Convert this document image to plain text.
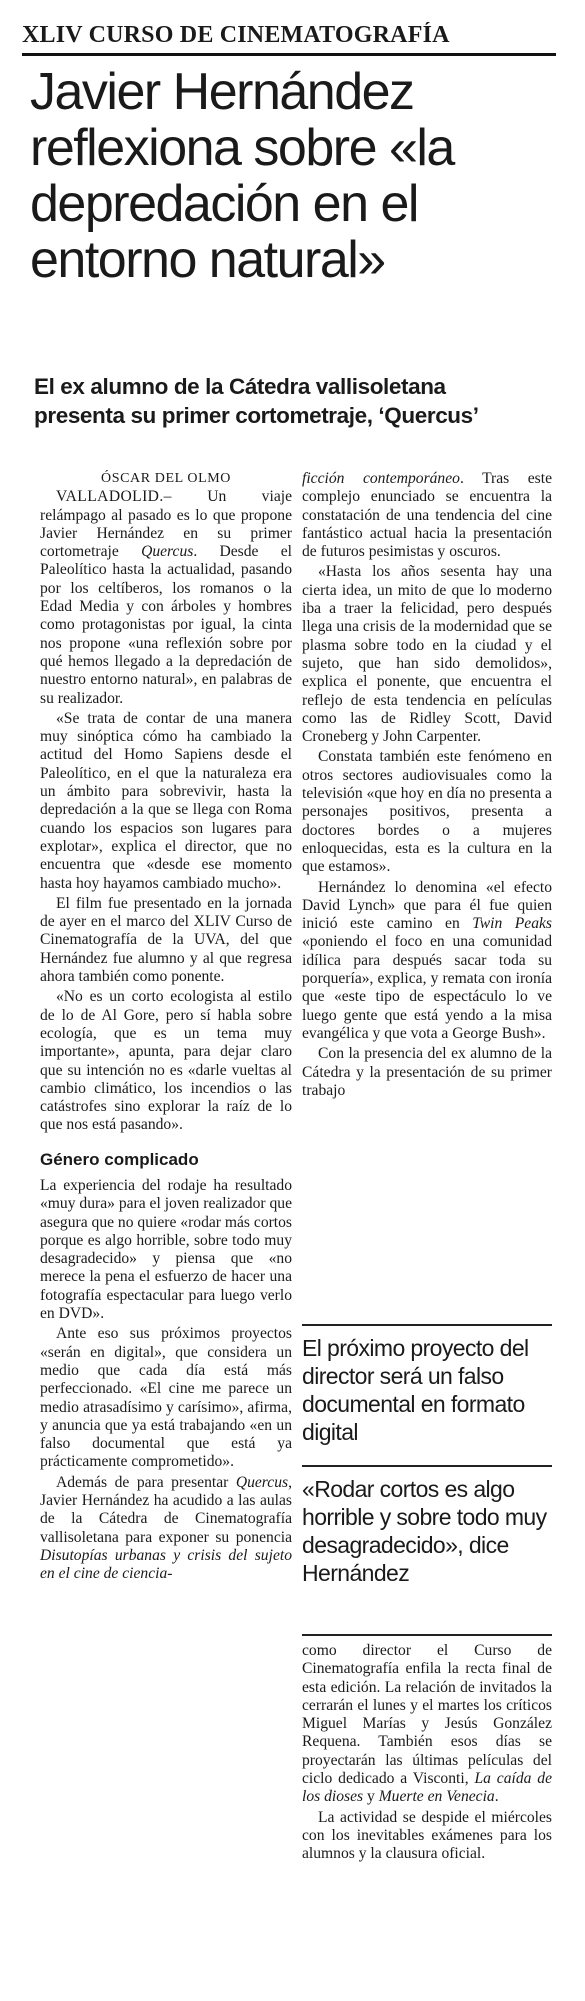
XLIV CURSO DE CINEMATOGRAFÍA
Javier Hernández
reflexiona sobre «la
depredación en el
entorno natural»
El ex alumno de la Cátedra vallisoletana
presenta su primer cortometraje, ‘Quercus’

ÓSCAR DEL OLMO

VALLADOLID.– Un viaje relámpago al pasado es lo que propone Javier Hernández en su primer cortometraje Quercus. Desde el Paleolítico hasta la actualidad, pasando por los celtíberos, los romanos o la Edad Media y con árboles y hombres como protagonistas por igual, la cinta nos propone «una reflexión sobre por qué hemos llegado a la depredación de nuestro entorno natural», en palabras de su realizador.

«Se trata de contar de una manera muy sinóptica cómo ha cambiado la actitud del Homo Sapiens desde el Paleolítico, en el que la naturaleza era un ámbito para sobrevivir, hasta la depredación a la que se llega con Roma cuando los espacios son lugares para explotar», explica el director, que no encuentra que «desde ese momento hasta hoy hayamos cambiado mucho».

El film fue presentado en la jornada de ayer en el marco del XLIV Curso de Cinematografía de la UVA, del que Hernández fue alumno y al que regresa ahora también como ponente.

«No es un corto ecologista al estilo de lo de Al Gore, pero sí habla sobre ecología, que es un tema muy importante», apunta, para dejar claro que su intención no es «darle vueltas al cambio climático, los incendios o las catástrofes sino explorar la raíz de lo que nos está pasando».

Género complicado

La experiencia del rodaje ha resultado «muy dura» para el joven realizador que asegura que no quiere «rodar más cortos porque es algo horrible, sobre todo muy desagradecido» y piensa que «no merece la pena el esfuerzo de hacer una fotografía espectacular para luego verlo en DVD».

Ante eso sus próximos proyectos «serán en digital», que considera un medio que cada día está más perfeccionado. «El cine me parece un medio atrasadísimo y carísimo», afirma, y anuncia que ya está trabajando «en un falso documental que está ya prácticamente comprometido».

Además de para presentar Quercus, Javier Hernández ha acudido a las aulas de la Cátedra de Cinematografía vallisoletana para exponer su ponencia Disutopías urbanas y crisis del sujeto en el cine de ciencia-

ficción contemporáneo. Tras este complejo enunciado se encuentra la constatación de una tendencia del cine fantástico actual hacia la presentación de futuros pesimistas y oscuros.

«Hasta los años sesenta hay una cierta idea, un mito de que lo moderno iba a traer la felicidad, pero después llega una crisis de la modernidad que se plasma sobre todo en la ciudad y el sujeto, que han sido demolidos», explica el ponente, que encuentra el reflejo de esta tendencia en películas como las de Ridley Scott, David Croneberg y John Carpenter.

Constata también este fenómeno en otros sectores audiovisuales como la televisión «que hoy en día no presenta a personajes positivos, presenta a doctores bordes o a mujeres enloquecidas, esta es la cultura en la que estamos».

Hernández lo denomina «el efecto David Lynch» que para él fue quien inició este camino en Twin Peaks «poniendo el foco en una comunidad idílica para después sacar toda su porquería», explica, y remata con ironía que «este tipo de espectáculo lo ve luego gente que está yendo a la misa evangélica y que vota a George Bush».

Con la presencia del ex alumno de la Cátedra y la presentación de su primer trabajo

El próximo proyecto del director será un falso documental en formato digital
«Rodar cortos es algo horrible y sobre todo muy desagradecido», dice Hernández

como director el Curso de Cinematografía enfila la recta final de esta edición. La relación de invitados la cerrarán el lunes y el martes los críticos Miguel Marías y Jesús González Requena. También esos días se proyectarán las últimas películas del ciclo dedicado a Visconti, La caída de los dioses y Muerte en Venecia.

La actividad se despide el miércoles con los inevitables exámenes para los alumnos y la clausura oficial.
